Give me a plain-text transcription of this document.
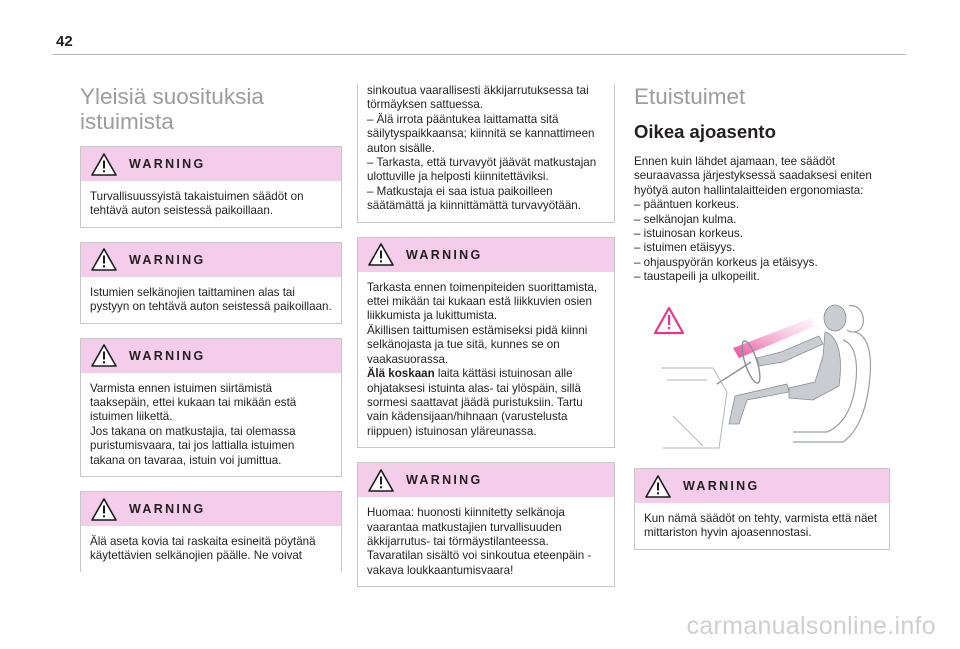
42
Yleisiä suosituksia istuimista
WARNING

Turvallisuussyistä takaistuimen säädöt on tehtävä auton seistessä paikoillaan.

WARNING

Istumien selkänojien taittaminen alas tai pystyyn on tehtävä auton seistessä paikoillaan.

WARNING

Varmista ennen istuimen siirtämistä taaksepäin, ettei kukaan tai mikään estä istuimen liikettä.

Jos takana on matkustajia, tai olemassa puristumisvaara, tai jos lattialla istuimen takana on tavaraa, istuin voi jumittua.

WARNING

Älä aseta kovia tai raskaita esineitä pöytänä käytettävien selkänojien päälle. Ne voivat

sinkoutua vaarallisesti äkkijarrutuksessa tai törmäyksen sattuessa.

– Älä irrota pääntukea laittamatta sitä säilytyspaikkaansa; kiinnitä se kannattimeen auton sisälle.

– Tarkasta, että turvavyöt jäävät matkustajan ulottuville ja helposti kiinnitettäviksi.

– Matkustaja ei saa istua paikoilleen säätämättä ja kiinnittämättä turvavyötään.

WARNING

Tarkasta ennen toimenpiteiden suorittamista, ettei mikään tai kukaan estä liikkuvien osien liikkumista ja lukittumista.

Äkillisen taittumisen estämiseksi pidä kiinni selkänojasta ja tue sitä, kunnes se on vaakasuorassa.

Älä koskaan laita kättäsi istuinosan alle ohjataksesi istuinta alas- tai ylöspäin, sillä sormesi saattavat jäädä puristuksiin. Tartu vain kädensijaan/hihnaan (varustelusta riippuen) istuinosan yläreunassa.

WARNING

Huomaa: huonosti kiinnitetty selkänoja vaarantaa matkustajien turvallisuuden äkkijarrutus- tai törmäystilanteessa.

Tavaratilan sisältö voi sinkoutua eteenpäin - vakava loukkaantumisvaara!

Etuistuimet
Oikea ajoasento

Ennen kuin lähdet ajamaan, tee säädöt seuraavassa järjestyksessä saadaksesi eniten hyötyä auton hallintalaitteiden ergonomiasta:

– pääntuen korkeus.
– selkänojan kulma.
– istuinosan korkeus.
– istuimen etäisyys.
– ohjauspyörän korkeus ja etäisyys.
– taustapeili ja ulkopeilit.
WARNING

Kun nämä säädöt on tehty, varmista että näet mittariston hyvin ajoasennostasi.

carmanualsonline.info
